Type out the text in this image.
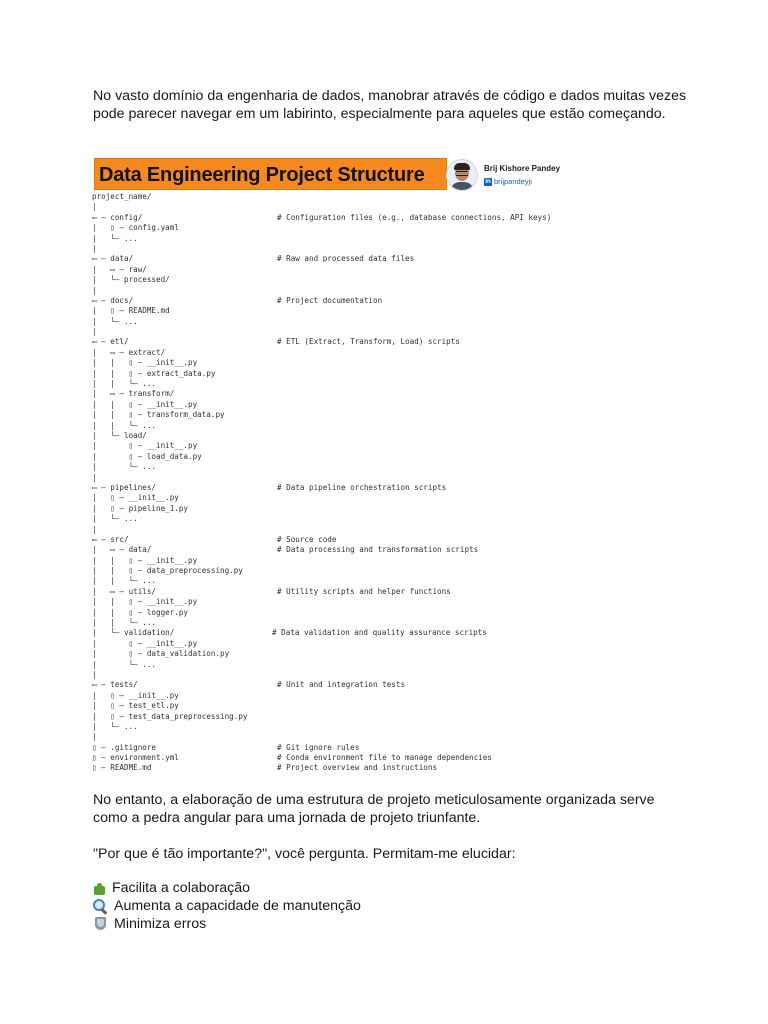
No vasto domínio da engenharia de dados, manobrar através de código e dados muitas vezes pode parecer navegar em um labirinto, especialmente para aqueles que estão começando.

Data Engineering Project Structure	Brij Kishore Pandey
in brijpandeyji
project_name/
|
▭ — config/	# Configuration files (e.g., database connections, API keys)
|   ▯ — config.yaml
|   └— ...
|
▭ — data/	# Raw and processed data files
|   ▭ — raw/
|   └— processed/
|
▭ — docs/	# Project documentation
|   ▯ — README.md
|   └— ...
|
▭ — etl/	# ETL (Extract, Transform, Load) scripts
|   ▭ — extract/
|   |   ▯ — __init__.py
|   |   ▯ — extract_data.py
|   |   └— ...
|   ▭ — transform/
|   |   ▯ — __init__.py
|   |   ▯ — transform_data.py
|   |   └— ...
|   └— load/
|       ▯ — __init__.py
|       ▯ — load_data.py
|       └— ...
|
▭ — pipelines/	# Data pipeline orchestration scripts
|   ▯ — __init__.py
|   ▯ — pipeline_1.py
|   └— ...
|
▭ — src/	# Source code
|   ▭ — data/	# Data processing and transformation scripts
|   |   ▯ — __init__.py
|   |   ▯ — data_preprocessing.py
|   |   └— ...
|   ▭ — utils/	# Utility scripts and helper functions
|   |   ▯ — __init__.py
|   |   ▯ — logger.py
|   |   └— ...
|   └— validation/	# Data validation and quality assurance scripts
|       ▯ — __init__.py
|       ▯ — data_validation.py
|       └— ...
|
▭ — tests/	# Unit and integration tests
|   ▯ — __init__.py
|   ▯ — test_etl.py
|   ▯ — test_data_preprocessing.py
|   └— ...
|
▯ — .gitignore	# Git ignore rules
▯ — environment.yml	# Conda environment file to manage dependencies
▯ — README.md	# Project overview and instructions

No entanto, a elaboração de uma estrutura de projeto meticulosamente organizada serve como a pedra angular para uma jornada de projeto triunfante.

"Por que é tão importante?", você pergunta. Permitam-me elucidar:

Facilita a colaboração
Aumenta a capacidade de manutenção
Minimiza erros
